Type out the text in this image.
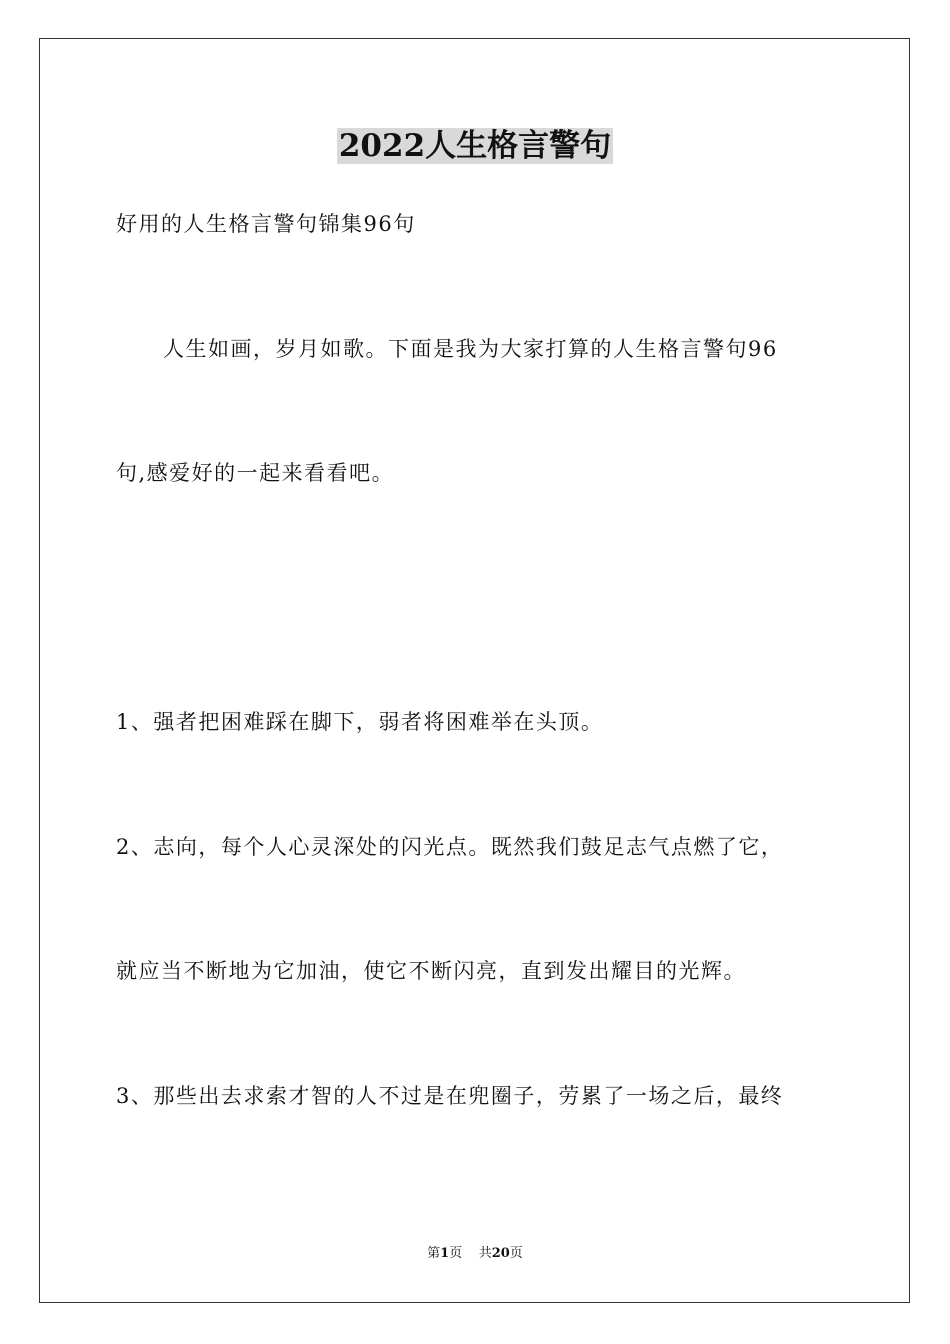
2022人生格言警句
好用的人生格言警句锦集96句
人生如画，岁月如歌。下面是我为大家打算的人生格言警句96
句,感爱好的一起来看看吧。
1、强者把困难踩在脚下，弱者将困难举在头顶。
2、志向，每个人心灵深处的闪光点。既然我们鼓足志气点燃了它，
就应当不断地为它加油，使它不断闪亮，直到发出耀目的光辉。
3、那些出去求索才智的人不过是在兜圈子，劳累了一场之后，最终
第1页 共20页
